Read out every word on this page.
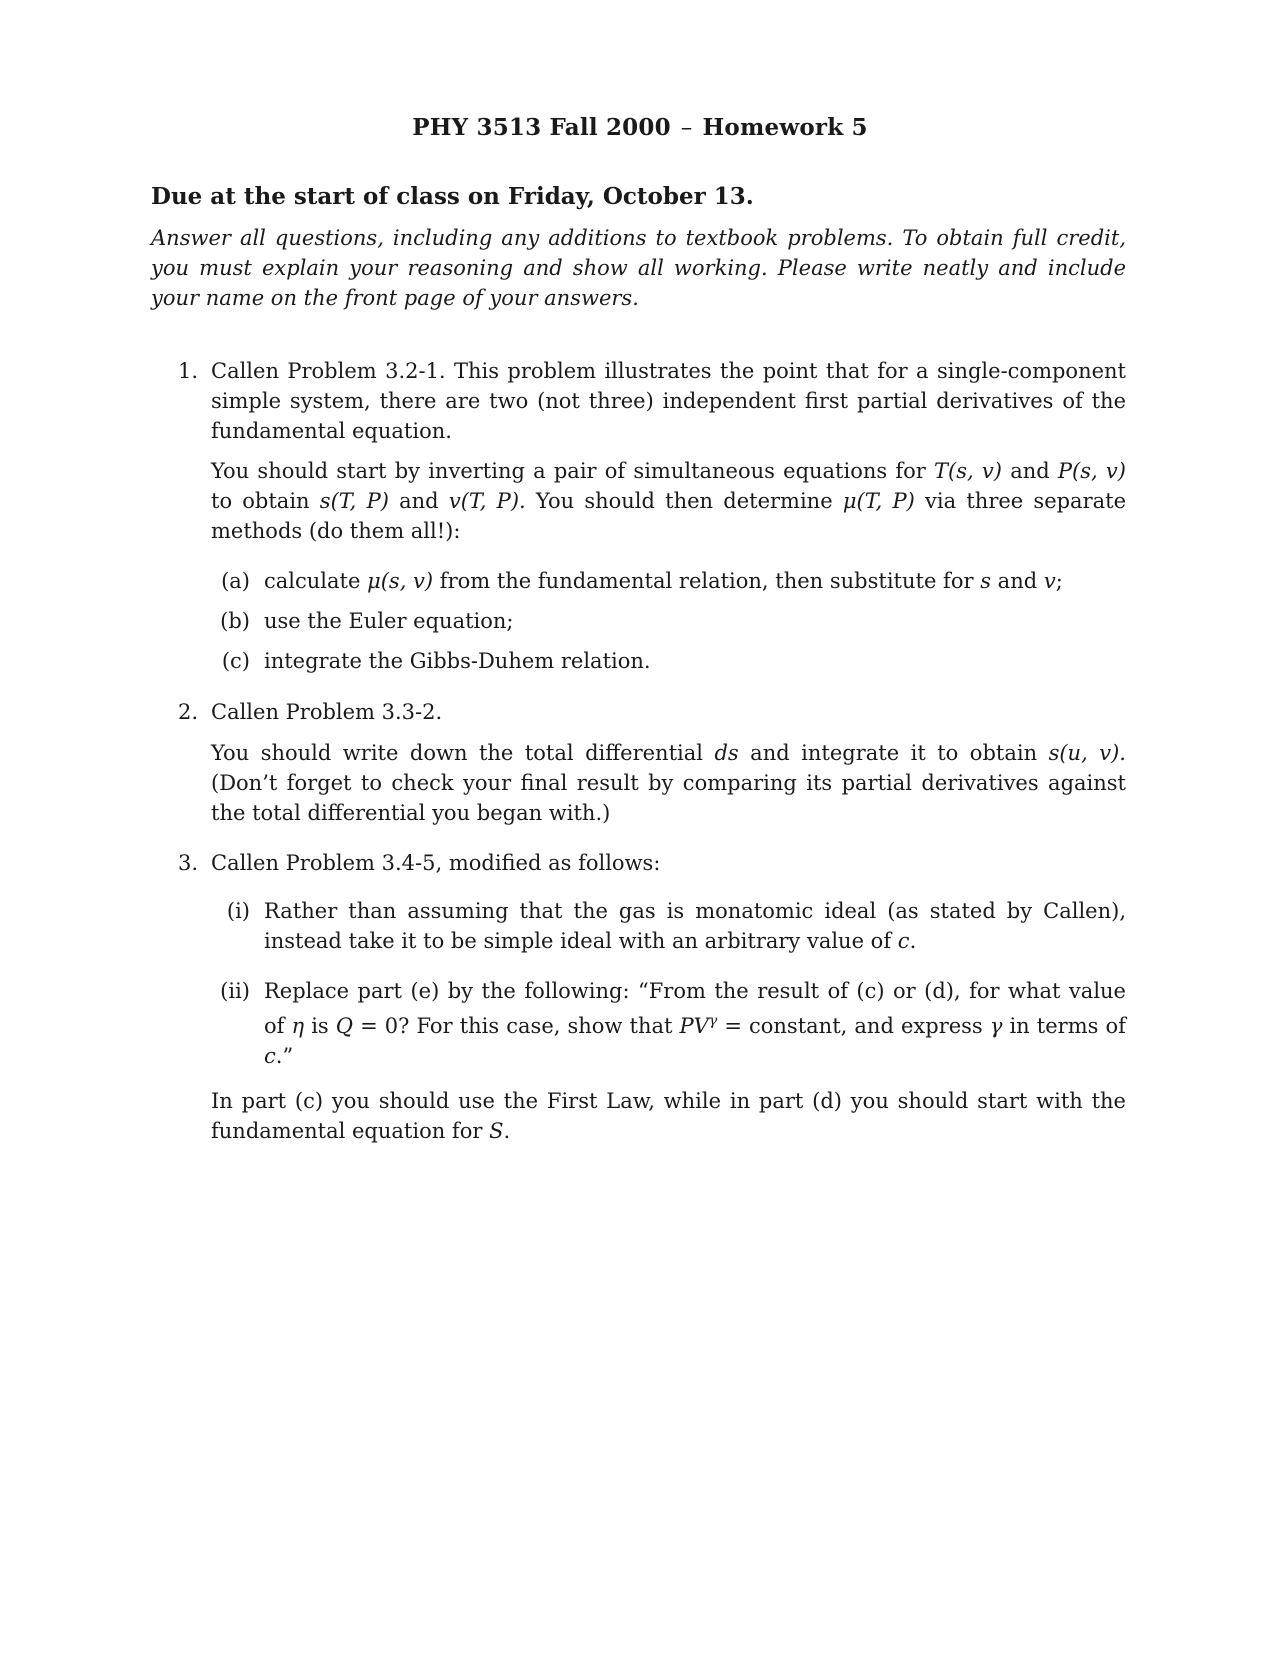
PHY 3513 Fall 2000 – Homework 5
Due at the start of class on Friday, October 13.
Answer all questions, including any additions to textbook problems. To obtain full credit, you must explain your reasoning and show all working. Please write neatly and include your name on the front page of your answers.
1. Callen Problem 3.2-1. This problem illustrates the point that for a single-component simple system, there are two (not three) independent first partial derivatives of the fundamental equation.
You should start by inverting a pair of simultaneous equations for T(s, v) and P(s, v) to obtain s(T, P) and v(T, P). You should then determine μ(T, P) via three separate methods (do them all!):
(a) calculate μ(s, v) from the fundamental relation, then substitute for s and v;
(b) use the Euler equation;
(c) integrate the Gibbs-Duhem relation.
2. Callen Problem 3.3-2.
You should write down the total differential ds and integrate it to obtain s(u, v). (Don’t forget to check your final result by comparing its partial derivatives against the total differential you began with.)
3. Callen Problem 3.4-5, modified as follows:
(i) Rather than assuming that the gas is monatomic ideal (as stated by Callen), instead take it to be simple ideal with an arbitrary value of c.
(ii) Replace part (e) by the following: “From the result of (c) or (d), for what value of η is Q = 0? For this case, show that $PV^\gamma$ = constant, and express γ in terms of c.”
In part (c) you should use the First Law, while in part (d) you should start with the fundamental equation for S.
